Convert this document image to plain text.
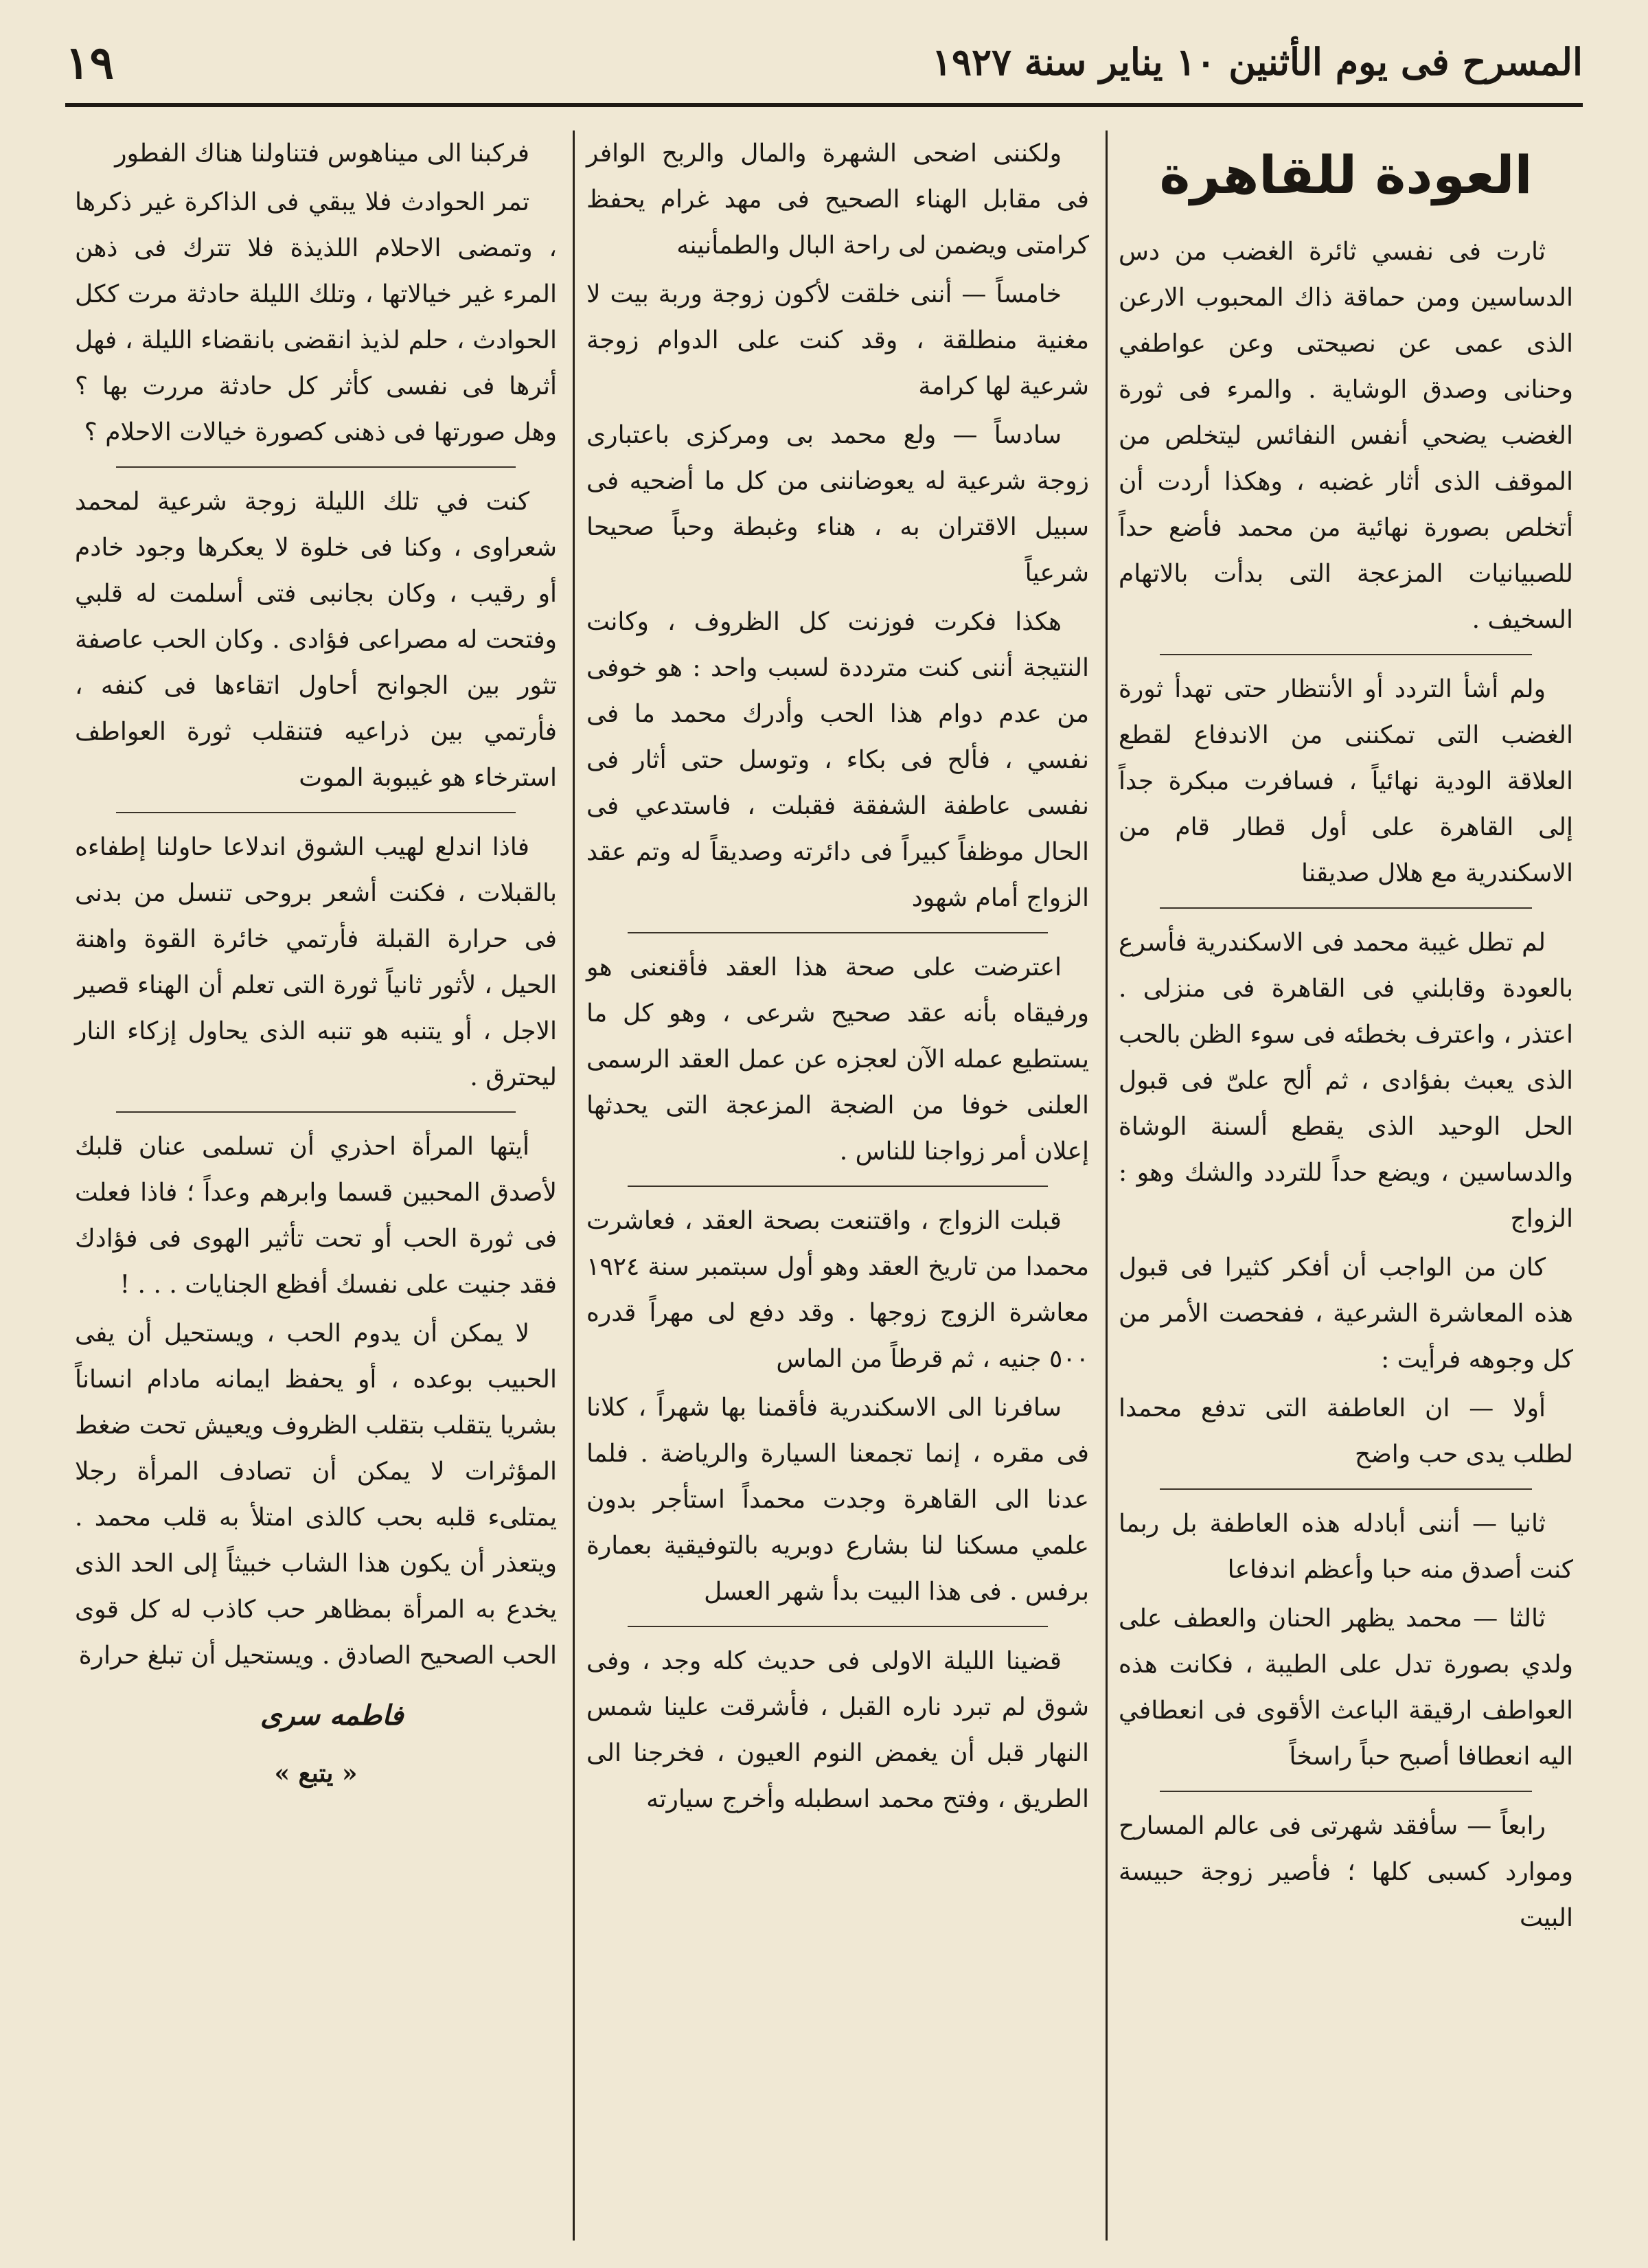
المسرح فى يوم الأثنين ١٠ يناير سنة ١٩٢٧
١٩
العودة للقاهرة

ثارت فى نفسي ثائرة الغضب من دس الدساسين ومن حماقة ذاك المحبوب الارعن الذى عمى عن نصيحتى وعن عواطفي وحنانى وصدق الوشاية . والمرء فى ثورة الغضب يضحي أنفس النفائس ليتخلص من الموقف الذى أثار غضبه ، وهكذا أردت أن أتخلص بصورة نهائية من محمد فأضع حداً للصبيانيات المزعجة التى بدأت بالاتهام السخيف .

ولم أشأ التردد أو الأنتظار حتى تهدأ ثورة الغضب التى تمكننى من الاندفاع لقطع العلاقة الودية نهائياً ، فسافرت مبكرة جداً إلى القاهرة على أول قطار قام من الاسكندرية مع هلال صديقنا

لم تطل غيبة محمد فى الاسكندرية فأسرع بالعودة وقابلني فى القاهرة فى منزلى . اعتذر ، واعترف بخطئه فى سوء الظن بالحب الذى يعبث بفؤادى ، ثم ألح علىّ فى قبول الحل الوحيد الذى يقطع ألسنة الوشاة والدساسين ، ويضع حداً للتردد والشك وهو : الزواج

كان من الواجب أن أفكر كثيرا فى قبول هذه المعاشرة الشرعية ، ففحصت الأمر من كل وجوهه فرأيت :

أولا — ان العاطفة التى تدفع محمدا لطلب يدى حب واضح

ثانيا — أننى أبادله هذه العاطفة بل ربما كنت أصدق منه حبا وأعظم اندفاعا

ثالثا — محمد يظهر الحنان والعطف على ولدي بصورة تدل على الطيبة ، فكانت هذه العواطف ارقيقة الباعث الأقوى فى انعطافي اليه انعطافا أصبح حباً راسخاً

رابعاً — سأفقد شهرتى فى عالم المسارح وموارد كسبى كلها ؛ فأصير زوجة حبيسة البيت

ولكننى اضحى الشهرة والمال والربح الوافر فى مقابل الهناء الصحيح فى مهد غرام يحفظ كرامتى ويضمن لى راحة البال والطمأنينه

خامساً — أننى خلقت لأكون زوجة وربة بيت لا مغنية منطلقة ، وقد كنت على الدوام زوجة شرعية لها كرامة

سادساً — ولع محمد بى ومركزى باعتبارى زوجة شرعية له يعوضاننى من كل ما أضحيه فى سبيل الاقتران به ، هناء وغبطة وحباً صحيحا شرعياً

هكذا فكرت فوزنت كل الظروف ، وكانت النتيجة أننى كنت مترددة لسبب واحد : هو خوفى من عدم دوام هذا الحب وأدرك محمد ما فى نفسي ، فألح فى بكاء ، وتوسل حتى أثار فى نفسى عاطفة الشفقة فقبلت ، فاستدعي فى الحال موظفاً كبيراً فى دائرته وصديقاً له وتم عقد الزواج أمام شهود

اعترضت على صحة هذا العقد فأقنعنى هو ورفيقاه بأنه عقد صحيح شرعى ، وهو كل ما يستطيع عمله الآن لعجزه عن عمل العقد الرسمى العلنى خوفا من الضجة المزعجة التى يحدثها إعلان أمر زواجنا للناس .

قبلت الزواج ، واقتنعت بصحة العقد ، فعاشرت محمدا من تاريخ العقد وهو أول سبتمبر سنة ١٩٢٤ معاشرة الزوج زوجها . وقد دفع لى مهراً قدره ٥٠٠ جنيه ، ثم قرطاً من الماس

سافرنا الى الاسكندرية فأقمنا بها شهراً ، كلانا فى مقره ، إنما تجمعنا السيارة والرياضة . فلما عدنا الى القاهرة وجدت محمداً استأجر بدون علمي مسكنا لنا بشارع دوبريه بالتوفيقية بعمارة برفس . فى هذا البيت بدأ شهر العسل

قضينا الليلة الاولى فى حديث كله وجد ، وفى شوق لم تبرد ناره القبل ، فأشرقت علينا شمس النهار قبل أن يغمض النوم العيون ، فخرجنا الى الطريق ، وفتح محمد اسطبله وأخرج سيارته

فركبنا الى ميناهوس فتناولنا هناك الفطور

تمر الحوادث فلا يبقي فى الذاكرة غير ذكرها ، وتمضى الاحلام اللذيذة فلا تترك فى ذهن المرء غير خيالاتها ، وتلك الليلة حادثة مرت ككل الحوادث ، حلم لذيذ انقضى بانقضاء الليلة ، فهل أثرها فى نفسى كأثر كل حادثة مررت بها ؟ وهل صورتها فى ذهنى كصورة خيالات الاحلام ؟

كنت في تلك الليلة زوجة شرعية لمحمد شعراوى ، وكنا فى خلوة لا يعكرها وجود خادم أو رقيب ، وكان بجانبى فتى أسلمت له قلبي وفتحت له مصراعى فؤادى . وكان الحب عاصفة تثور بين الجوانح أحاول اتقاءها فى كنفه ، فأرتمي بين ذراعيه فتنقلب ثورة العواطف استرخاء هو غيبوبة الموت

فاذا اندلع لهيب الشوق اندلاعا حاولنا إطفاءه بالقبلات ، فكنت أشعر بروحى تنسل من بدنى فى حرارة القبلة فأرتمي خائرة القوة واهنة الحيل ، لأثور ثانياً ثورة التى تعلم أن الهناء قصير الاجل ، أو يتنبه هو تنبه الذى يحاول إزكاء النار ليحترق .

أيتها المرأة احذري أن تسلمى عنان قلبك لأصدق المحبين قسما وابرهم وعداً ؛ فاذا فعلت فى ثورة الحب أو تحت تأثير الهوى فى فؤادك فقد جنيت على نفسك أفظع الجنايات . . . !

لا يمكن أن يدوم الحب ، ويستحيل أن يفى الحبيب بوعده ، أو يحفظ ايمانه مادام انساناً بشريا يتقلب بتقلب الظروف ويعيش تحت ضغط المؤثرات لا يمكن أن تصادف المرأة رجلا يمتلىء قلبه بحب كالذى امتلأ به قلب محمد . ويتعذر أن يكون هذا الشاب خبيثاً إلى الحد الذى يخدع به المرأة بمظاهر حب كاذب له كل قوى الحب الصحيح الصادق . ويستحيل أن تبلغ حرارة

فاطمه سرى
« يتبع »
